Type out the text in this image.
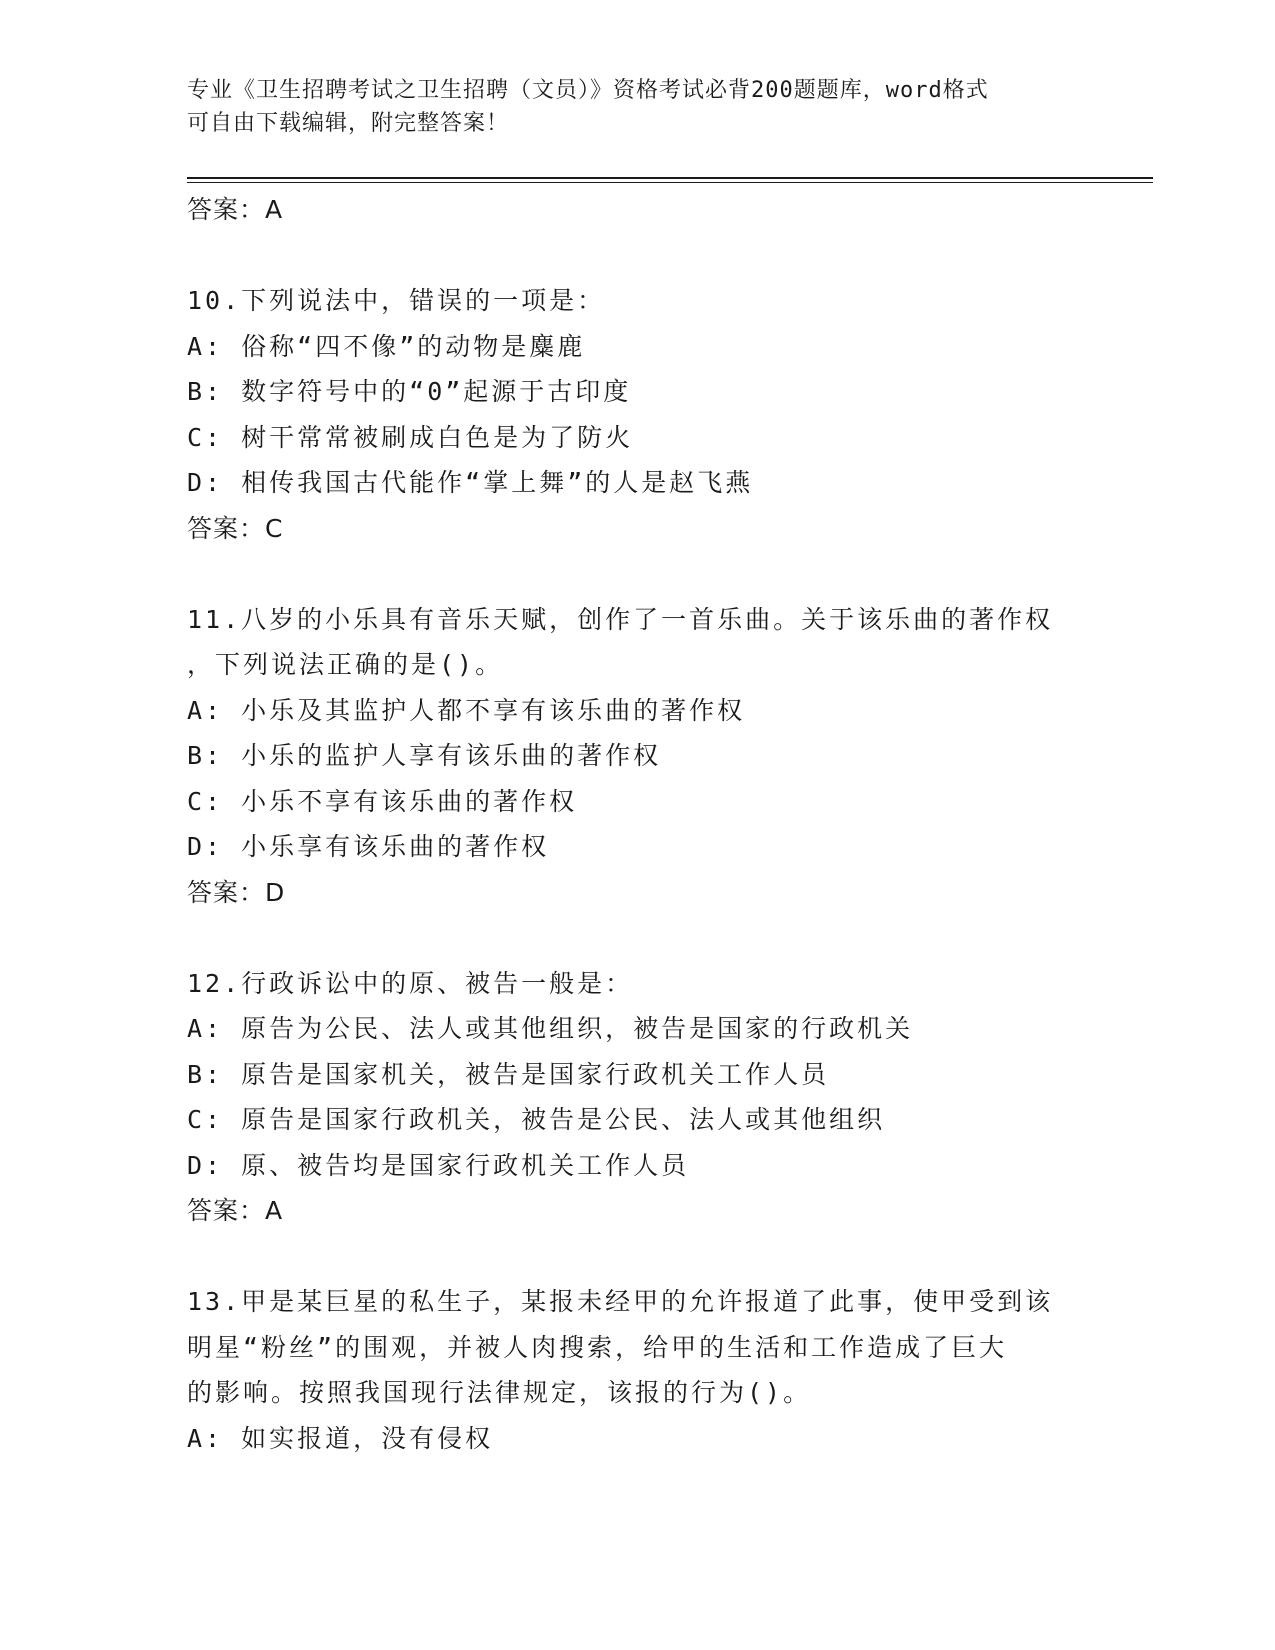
专业《卫生招聘考试之卫生招聘（文员）》资格考试必背200题题库，word格式
可自由下载编辑，附完整答案！
答案：A
10.下列说法中，错误的一项是：
A: 俗称“四不像”的动物是麋鹿
B: 数字符号中的“0”起源于古印度
C: 树干常常被刷成白色是为了防火
D: 相传我国古代能作“掌上舞”的人是赵飞燕
答案：C
11.八岁的小乐具有音乐天赋，创作了一首乐曲。关于该乐曲的著作权
，下列说法正确的是()。
A: 小乐及其监护人都不享有该乐曲的著作权
B: 小乐的监护人享有该乐曲的著作权
C: 小乐不享有该乐曲的著作权
D: 小乐享有该乐曲的著作权
答案：D
12.行政诉讼中的原、被告一般是：
A: 原告为公民、法人或其他组织，被告是国家的行政机关
B: 原告是国家机关，被告是国家行政机关工作人员
C: 原告是国家行政机关，被告是公民、法人或其他组织
D: 原、被告均是国家行政机关工作人员
答案：A
13.甲是某巨星的私生子，某报未经甲的允许报道了此事，使甲受到该
明星“粉丝”的围观，并被人肉搜索，给甲的生活和工作造成了巨大
的影响。按照我国现行法律规定，该报的行为()。
A: 如实报道，没有侵权
